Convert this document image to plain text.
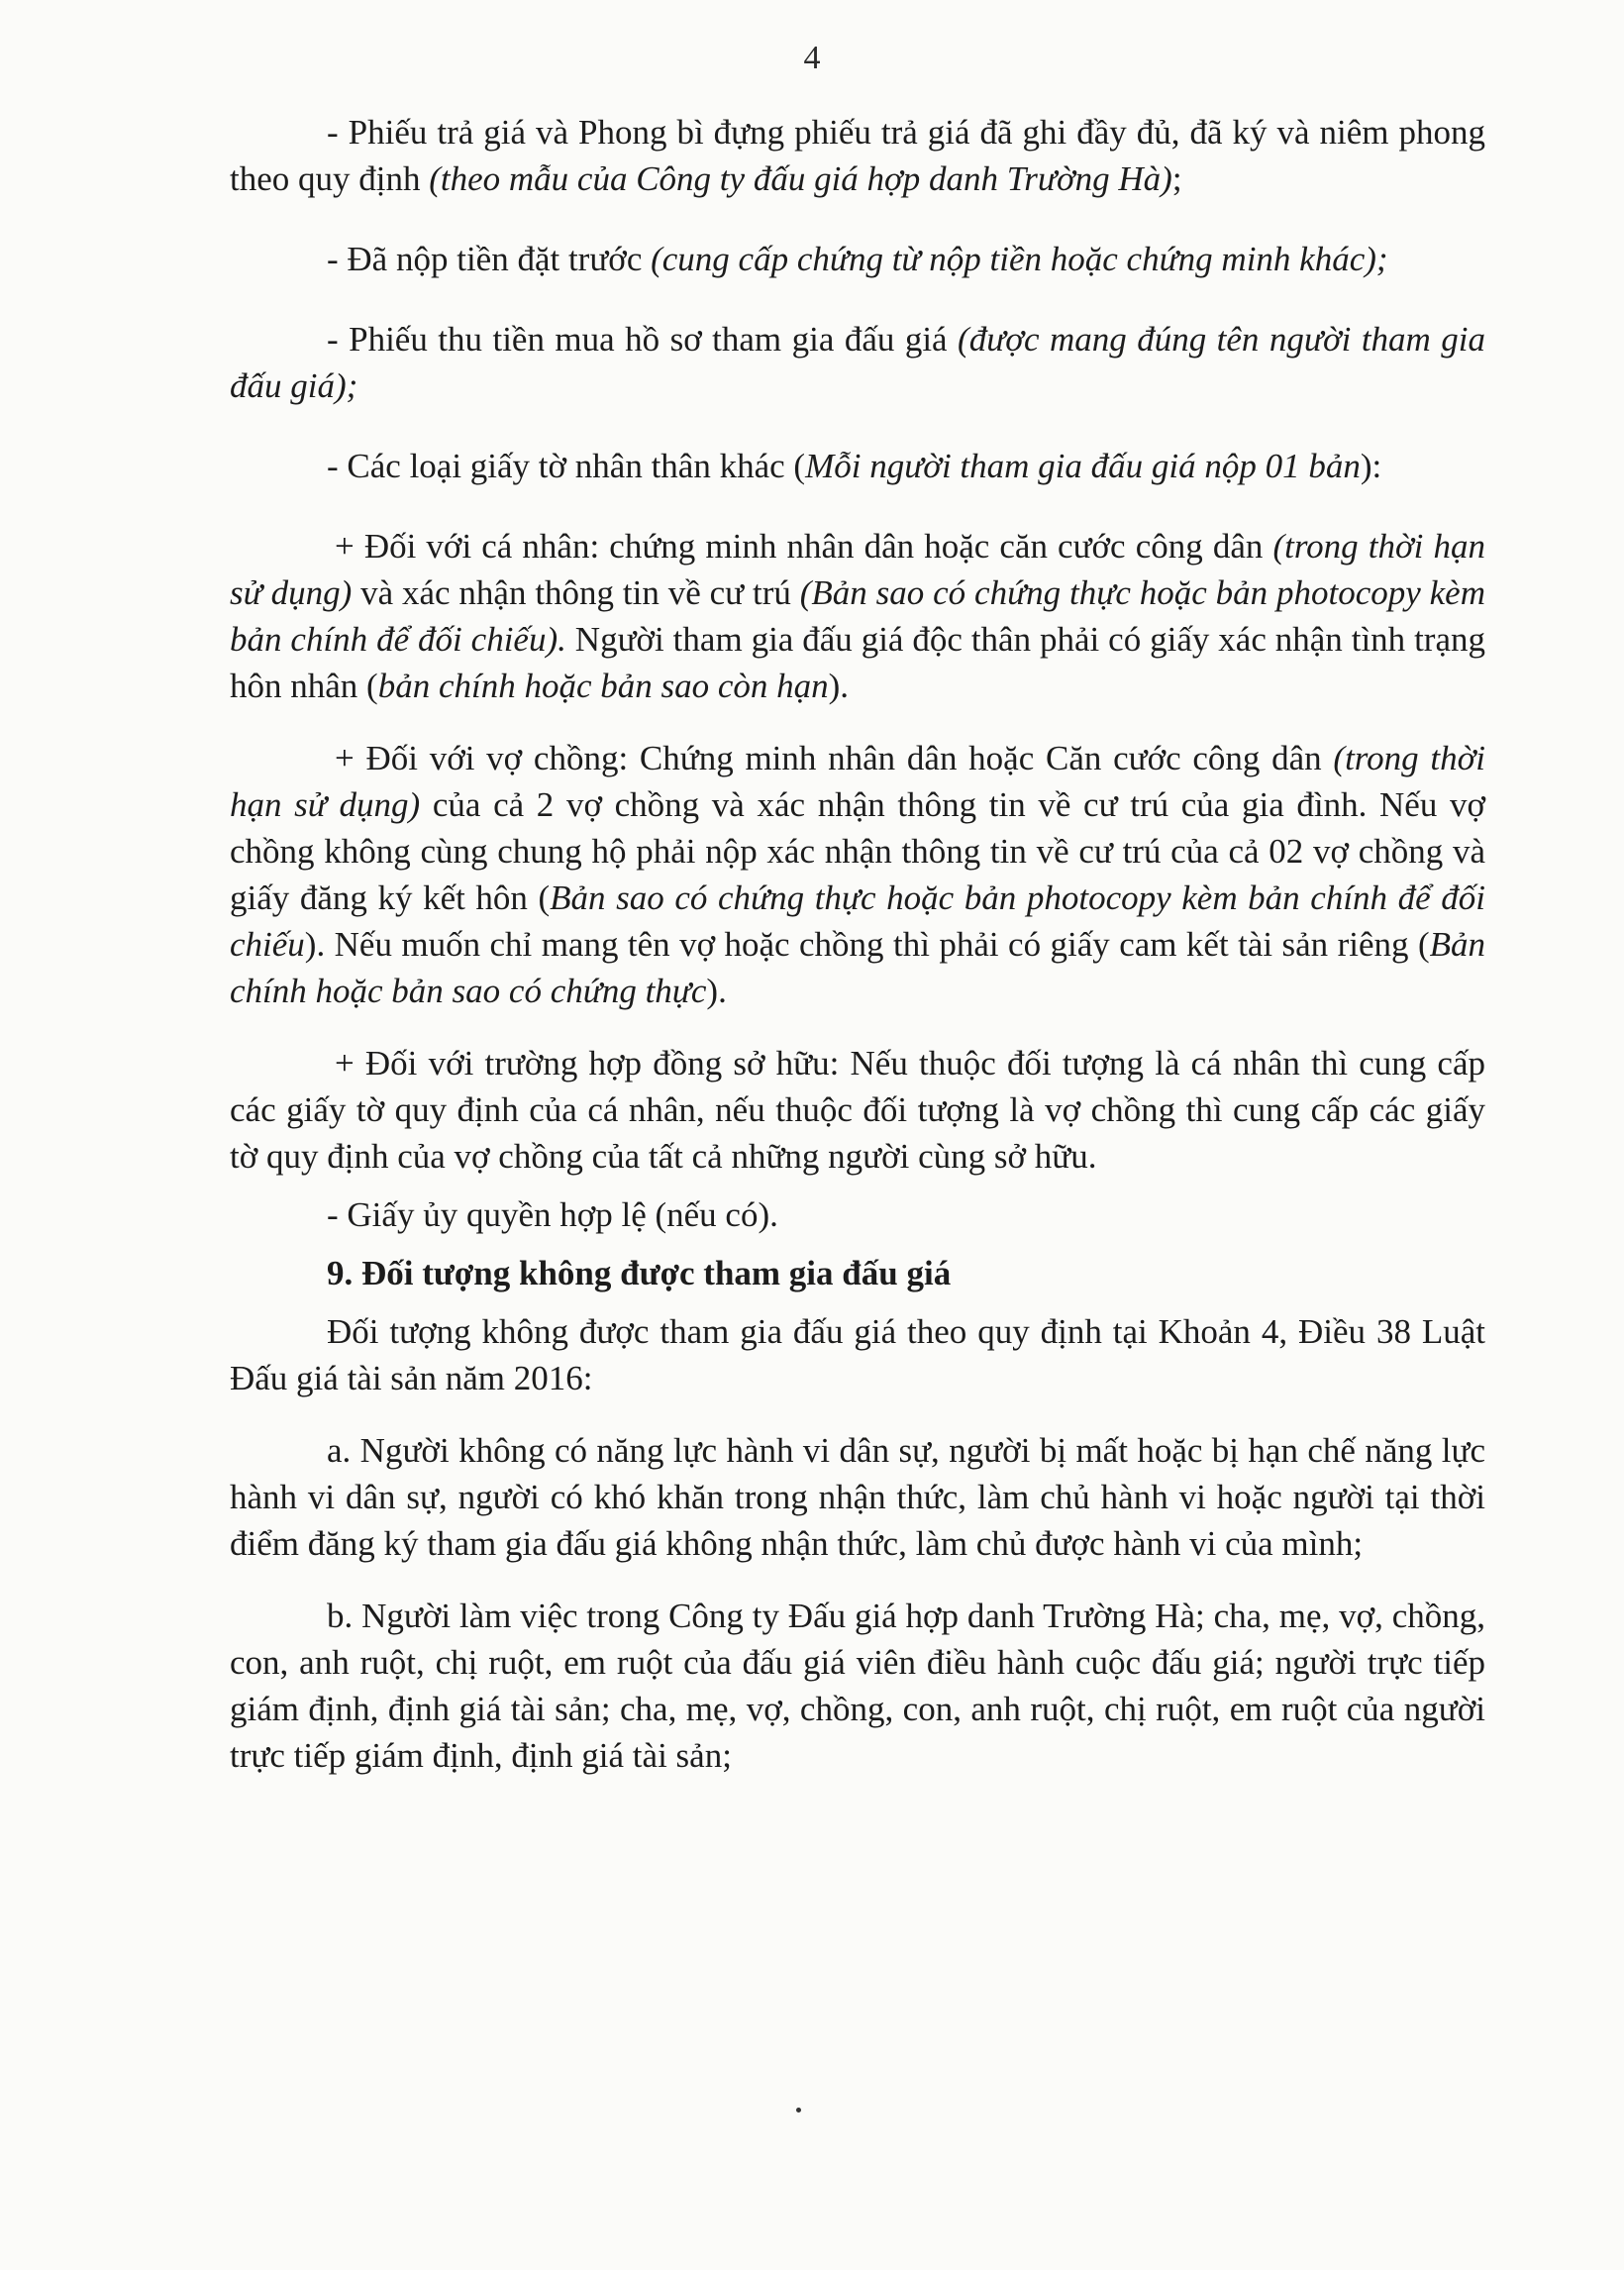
4

- Phiếu trả giá và Phong bì đựng phiếu trả giá đã ghi đầy đủ, đã ký và niêm phong theo quy định (theo mẫu của Công ty đấu giá hợp danh Trường Hà);

- Đã nộp tiền đặt trước (cung cấp chứng từ nộp tiền hoặc chứng minh khác);

- Phiếu thu tiền mua hồ sơ tham gia đấu giá (được mang đúng tên người tham gia đấu giá);

- Các loại giấy tờ nhân thân khác (Mỗi người tham gia đấu giá nộp 01 bản):

+ Đối với cá nhân: chứng minh nhân dân hoặc căn cước công dân (trong thời hạn sử dụng) và xác nhận thông tin về cư trú (Bản sao có chứng thực hoặc bản photocopy kèm bản chính để đối chiếu). Người tham gia đấu giá độc thân phải có giấy xác nhận tình trạng hôn nhân (bản chính hoặc bản sao còn hạn).

+ Đối với vợ chồng: Chứng minh nhân dân hoặc Căn cước công dân (trong thời hạn sử dụng) của cả 2 vợ chồng và xác nhận thông tin về cư trú của gia đình. Nếu vợ chồng không cùng chung hộ phải nộp xác nhận thông tin về cư trú của cả 02 vợ chồng và giấy đăng ký kết hôn (Bản sao có chứng thực hoặc bản photocopy kèm bản chính để đối chiếu). Nếu muốn chỉ mang tên vợ hoặc chồng thì phải có giấy cam kết tài sản riêng (Bản chính hoặc bản sao có chứng thực).

+ Đối với trường hợp đồng sở hữu: Nếu thuộc đối tượng là cá nhân thì cung cấp các giấy tờ quy định của cá nhân, nếu thuộc đối tượng là vợ chồng thì cung cấp các giấy tờ quy định của vợ chồng của tất cả những người cùng sở hữu.

- Giấy ủy quyền hợp lệ (nếu có).

9. Đối tượng không được tham gia đấu giá

Đối tượng không được tham gia đấu giá theo quy định tại Khoản 4, Điều 38 Luật Đấu giá tài sản năm 2016:

a. Người không có năng lực hành vi dân sự, người bị mất hoặc bị hạn chế năng lực hành vi dân sự, người có khó khăn trong nhận thức, làm chủ hành vi hoặc người tại thời điểm đăng ký tham gia đấu giá không nhận thức, làm chủ được hành vi của mình;

b. Người làm việc trong Công ty Đấu giá hợp danh Trường Hà; cha, mẹ, vợ, chồng, con, anh ruột, chị ruột, em ruột của đấu giá viên điều hành cuộc đấu giá; người trực tiếp giám định, định giá tài sản; cha, mẹ, vợ, chồng, con, anh ruột, chị ruột, em ruột của người trực tiếp giám định, định giá tài sản;
